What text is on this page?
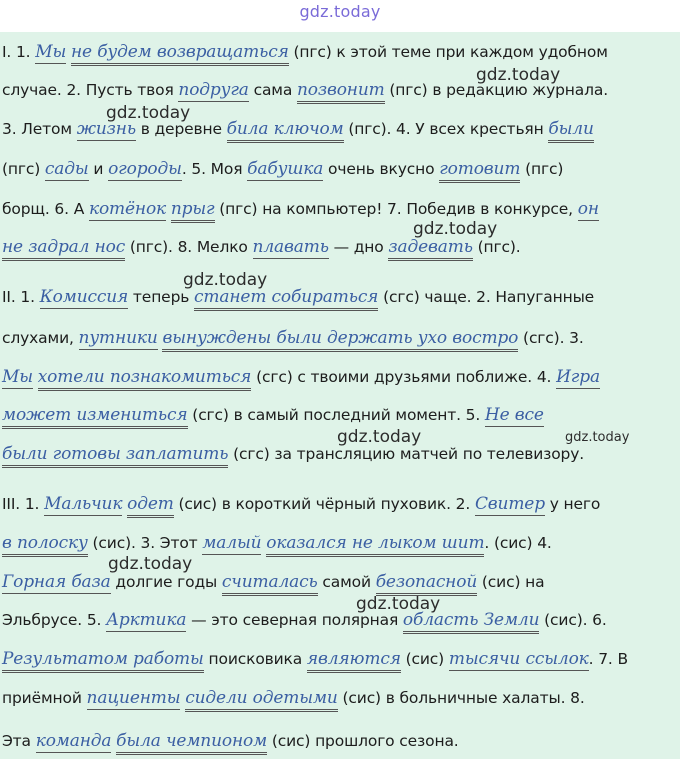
gdz.today
I. 1. Мы не будем возвращаться (пгс) к этой теме при каждом удобном
случае. 2. Пусть твоя подруга сама позвонит (пгс) в редакцию журнала.
3. Летом жизнь в деревне била ключом (пгс). 4. У всех крестьян были
(пгс) сады и огороды. 5. Моя бабушка очень вкусно готовит (пгс)
борщ. 6. А котёнок прыг (пгс) на компьютер! 7. Победив в конкурсе, он
не задрал нос (пгс). 8. Мелко плавать — дно задевать (пгс).
II. 1. Комиссия теперь станет собираться (сгс) чаще. 2. Напуганные
слухами, путники вынуждены были держать ухо востро (сгс). 3.
Мы хотели познакомиться (сгс) с твоими друзьями поближе. 4. Игра
может измениться (сгс) в самый последний момент. 5. Не все
были готовы заплатить (сгс) за трансляцию матчей по телевизору.
III. 1. Мальчик одет (сис) в короткий чёрный пуховик. 2. Свитер у него
в полоску (сис). 3. Этот малый оказался не лыком шит. (сис) 4.
Горная база долгие годы считалась самой безопасной (сис) на
Эльбрусе. 5. Арктика — это северная полярная область Земли (сис). 6.
Результатом работы поисковика являются (сис) тысячи ссылок. 7. В
приёмной пациенты сидели одетыми (сис) в больничные халаты. 8.
Эта команда была чемпионом (сис) прошлого сезона.
gdz.today
gdz.today
gdz.today
gdz.today
gdz.today	gdz.today
gdz.today
gdz.today
